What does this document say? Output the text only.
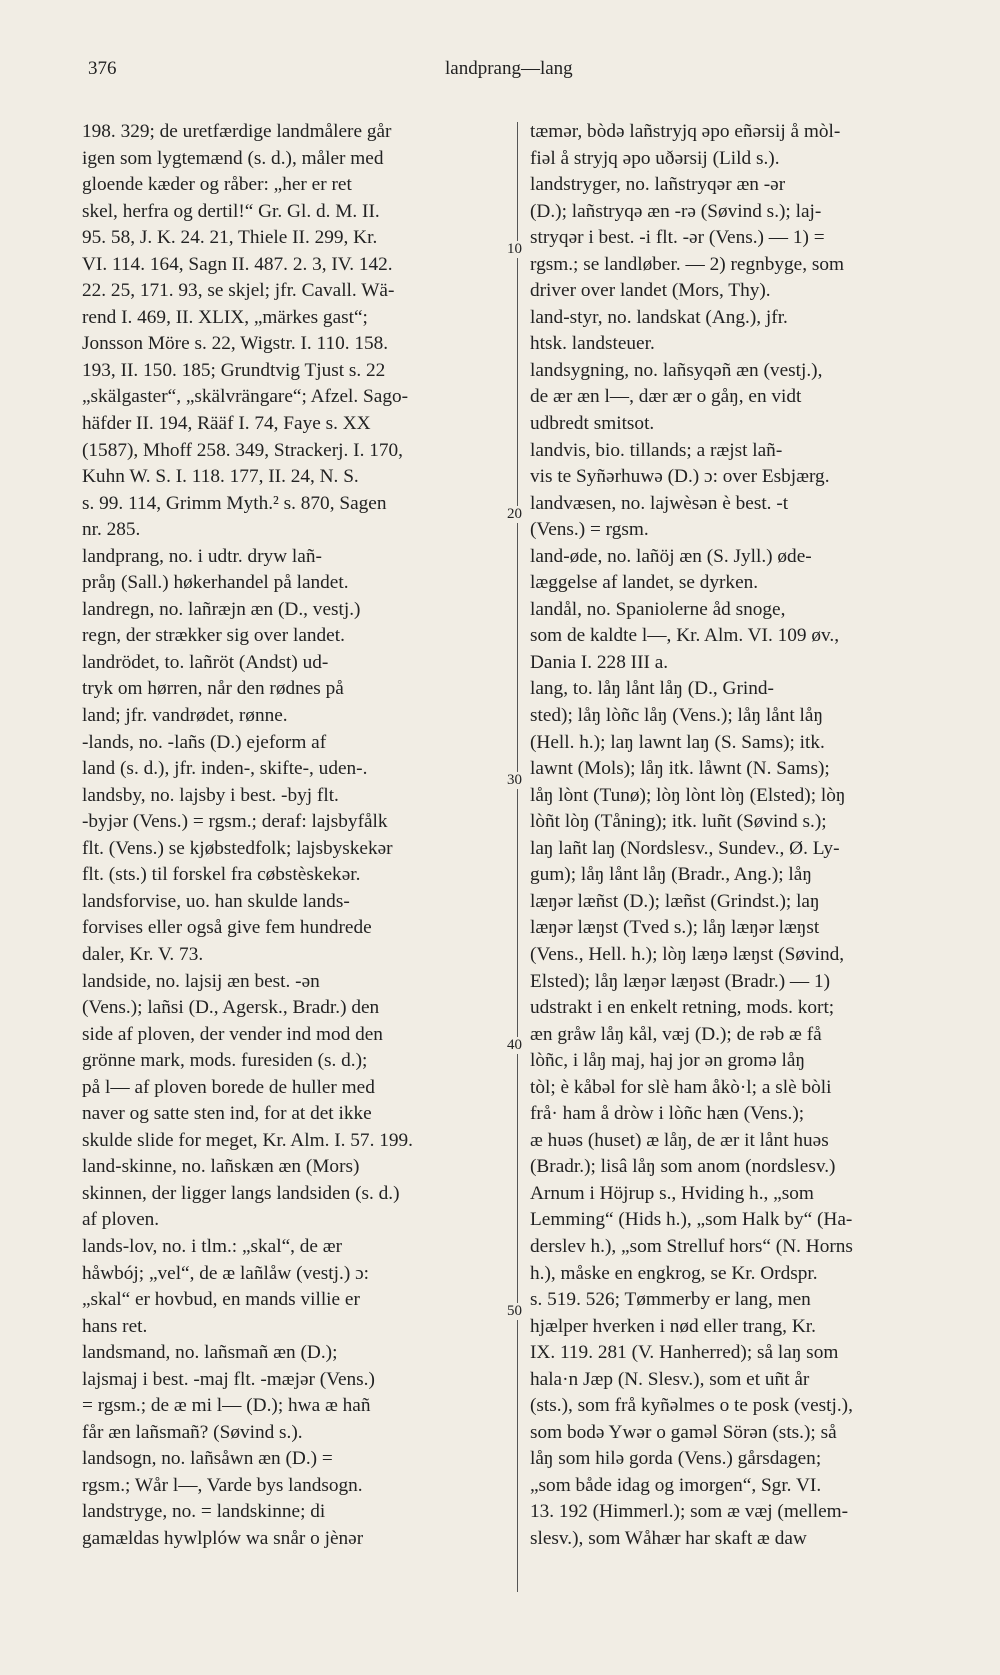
376	landprang—lang
198. 329; de uretfærdige landmålere går
igen som lygtemænd (s. d.), måler med
gloende kæder og råber: „her er ret
skel, herfra og dertil!“ Gr. Gl. d. M. II.
95. 58, J. K. 24. 21, Thiele II. 299, Kr.
VI. 114. 164, Sagn II. 487. 2. 3, IV. 142.
22. 25, 171. 93, se skjel; jfr. Cavall. Wä-
rend I. 469, II. XLIX, „märkes gast“;
Jonsson Möre s. 22, Wigstr. I. 110. 158.
193, II. 150. 185; Grundtvig Tjust s. 22
„skälgaster“, „skälvrängare“; Afzel. Sago-
häfder II. 194, Rääf I. 74, Faye s. XX
(1587), Mhoff 258. 349, Strackerj. I. 170,
Kuhn W. S. I. 118. 177, II. 24, N. S.
s. 99. 114, Grimm Myth.² s. 870, Sagen
nr. 285.
landprang, no. i udtr. dryw lañ-
pråŋ (Sall.) høkerhandel på landet.
landregn, no. lañræjn æn (D., vestj.)
regn, der strækker sig over landet.
landrödet, to. lañröt (Andst) ud-
tryk om hørren, når den rødnes på
land; jfr. vandrødet, rønne.
-lands, no. -lañs (D.) ejeform af
land (s. d.), jfr. inden-, skifte-, uden-.
landsby, no. lajsby i best. -byj flt.
-byjər (Vens.) = rgsm.; deraf: lajsbyfålk
flt. (Vens.) se kjøbstedfolk; lajsbyskekər
flt. (sts.) til forskel fra cøbstèskekər.
landsforvise, uo. han skulde lands-
forvises eller også give fem hundrede
daler, Kr. V. 73.
landside, no. lajsij æn best. -ən
(Vens.); lañsi (D., Agersk., Bradr.) den
side af ploven, der vender ind mod den
grönne mark, mods. furesiden (s. d.);
på l— af ploven borede de huller med
naver og satte sten ind, for at det ikke
skulde slide for meget, Kr. Alm. I. 57. 199.
land-skinne, no. lañskæn æn (Mors)
skinnen, der ligger langs landsiden (s. d.)
af ploven.
lands-lov, no. i tlm.: „skal“, de ær
håwbój; „vel“, de æ lañlåw (vestj.) ɔ:
„skal“ er hovbud, en mands villie er
hans ret.
landsmand, no. lañsmañ æn (D.);
lajsmaj i best. -maj flt. -mæjər (Vens.)
= rgsm.; de æ mi l— (D.); hwa æ hañ
får æn lañsmañ? (Søvind s.).
landsogn, no. lañsåwn æn (D.) =
rgsm.; Wår l—, Varde bys landsogn.
landstryge, no. = landskinne; di
gamældas hywlplów wa snår o jènər
tæmər, bòdə lañstryjq əpo eñərsij å mòl-
fiəl å stryjq əpo uðərsij (Lild s.).
landstryger, no. lañstryqər æn -ər
(D.); lañstryqə æn -rə (Søvind s.); laj-
stryqər i best. -i flt. -ər (Vens.) — 1) =
rgsm.; se landløber. — 2) regnbyge, som
driver over landet (Mors, Thy).
land-styr, no. landskat (Ang.), jfr.
htsk. landsteuer.
landsygning, no. lañsyqəñ æn (vestj.),
de ær æn l—, dær ær o gåŋ, en vidt
udbredt smitsot.
landvis, bio. tillands; a ræjst lañ-
vis te Syñərhuwə (D.) ɔ: over Esbjærg.
landvæsen, no. lajwèsən è best. -t
(Vens.) = rgsm.
land-øde, no. lañöj æn (S. Jyll.) øde-
læggelse af landet, se dyrken.
landål, no. Spaniolerne åd snoge,
som de kaldte l—, Kr. Alm. VI. 109 øv.,
Dania I. 228 III a.
lang, to. låŋ lånt låŋ (D., Grind-
sted); låŋ lòñc låŋ (Vens.); låŋ lånt låŋ
(Hell. h.); laŋ lawnt laŋ (S. Sams); itk.
lawnt (Mols); låŋ itk. låwnt (N. Sams);
låŋ lònt (Tunø); lòŋ lònt lòŋ (Elsted); lòŋ
lòñt lòŋ (Tåning); itk. luñt (Søvind s.);
laŋ lañt laŋ (Nordslesv., Sundev., Ø. Ly-
gum); låŋ lånt låŋ (Bradr., Ang.); låŋ
læŋər læñst (D.); læñst (Grindst.); laŋ
læŋər læŋst (Tved s.); låŋ læŋər læŋst
(Vens., Hell. h.); lòŋ læŋə læŋst (Søvind,
Elsted); låŋ læŋər læŋəst (Bradr.) — 1)
udstrakt i en enkelt retning, mods. kort;
æn gråw låŋ kål, væj (D.); de rəb æ få
lòñc, i låŋ maj, haj jor ən gromə låŋ
tòl; è kåbəl for slè ham åkò·l; a slè bòli
frå· ham å dròw i lòñc hæn (Vens.);
æ huəs (huset) æ låŋ, de ær it lånt huəs
(Bradr.); lisâ låŋ som anom (nordslesv.)
Arnum i Höjrup s., Hviding h., „som
Lemming“ (Hids h.), „som Halk by“ (Ha-
derslev h.), „som Strelluf hors“ (N. Horns
h.), måske en engkrog, se Kr. Ordspr.
s. 519. 526; Tømmerby er lang, men
hjælper hverken i nød eller trang, Kr.
IX. 119. 281 (V. Hanherred); så laŋ som
hala·n Jæp (N. Slesv.), som et uñt år
(sts.), som frå kyñəlmes o te posk (vestj.),
som bodə Ywər o gaməl Sörən (sts.); så
låŋ som hilə gorda (Vens.) gårsdagen;
„som både idag og imorgen“, Sgr. VI.
13. 192 (Himmerl.); som æ væj (mellem-
slesv.), som Wåhær har skaft æ daw
10
20
30
40
50
